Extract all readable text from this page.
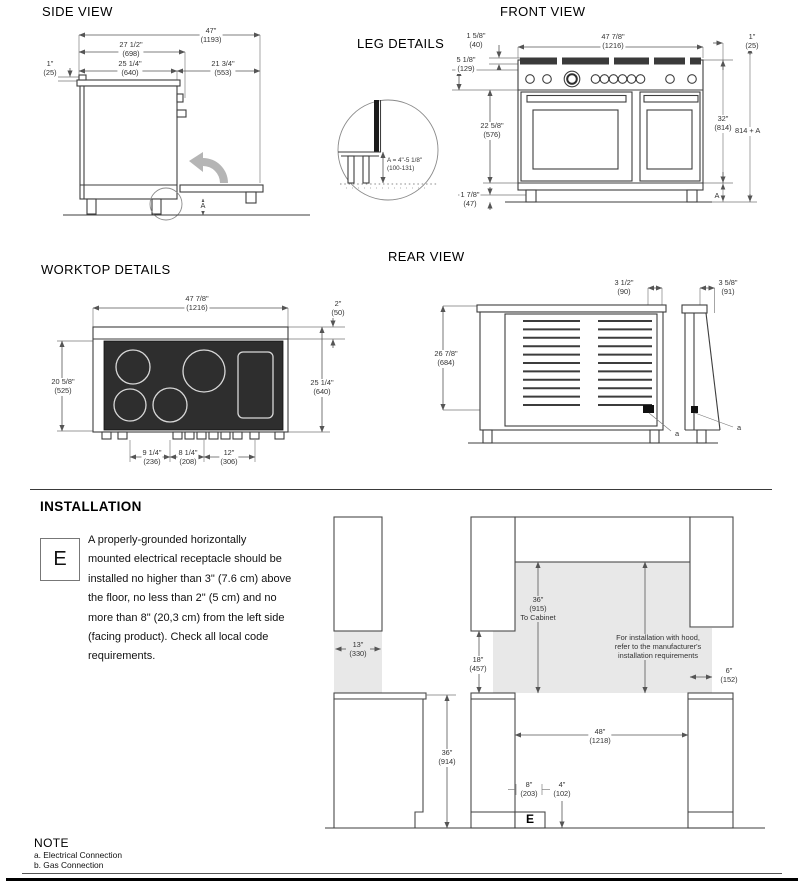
SIDE VIEW	FRONT VIEW
LEG DETAILS
WORKTOP DETAILS
REAR VIEW
INSTALLATION
47"
(1193)
27 1/2"
(698)
25 1/4"
(640)
21 3/4"
(553)
1"
(25)
A
1 5/8"
(40)
5 1/8"
(129)
47 7/8"
(1216)
1"
(25)
22 5/8"
(576)
32"
(814) 814 + A
1 7/8"
(47)
A
A = 4"-5 1/8"
(100-131)
47 7/8"
(1216)	2"
(50)
20 5/8"
(525)
25 1/4"
(640)
9 1/4"
(236)
8 1/4"
(208)
12"
(306)
3 1/2"
(90)
3 5/8"
(91)
26 7/8"
(684)
a
a
E
A properly-grounded horizontally
mounted electrical receptacle should be
installed no higher than 3" (7.6 cm) above
the floor, no less than 2" (5 cm) and no
more than 8" (20,3 cm) from the left side
(facing product). Check all local code
requirements.
13"
(330)
36"
(914)
36"
(915)
To Cabinet
18"
(457)
For installation with hood,
refer to the manufacturer's
installation requirements
6"
(152)
48"
(1218)
8"
(203)
4"
(102)
E
NOTE
a. Electrical Connection
b. Gas Connection
